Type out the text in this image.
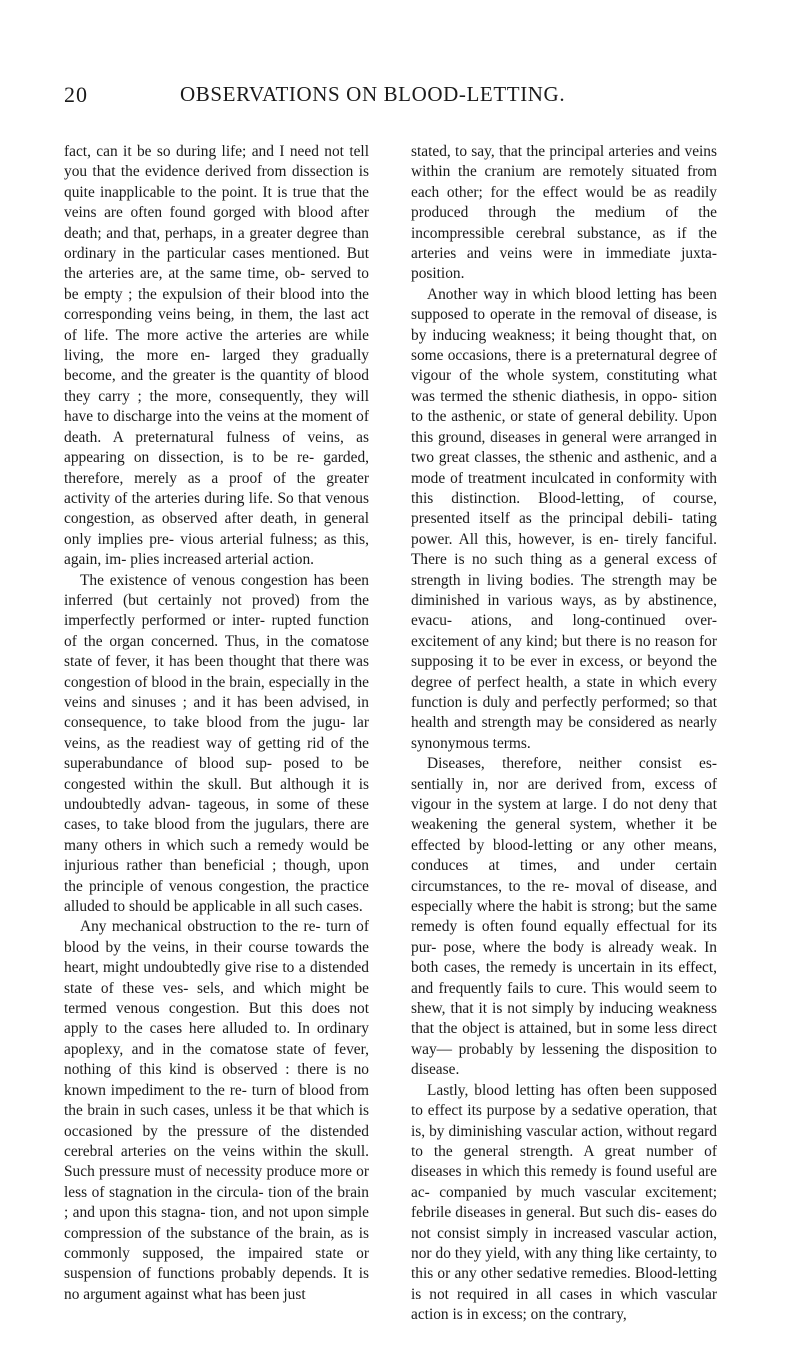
20	OBSERVATIONS ON BLOOD-LETTING.

fact, can it be so during life; and I need not tell you that the evidence derived from dissection is quite inapplicable to the point. It is true that the veins are often found gorged with blood after death; and that, perhaps, in a greater degree than ordinary in the particular cases mentioned. But the arteries are, at the same time, ob- served to be empty ; the expulsion of their blood into the corresponding veins being, in them, the last act of life. The more active the arteries are while living, the more en- larged they gradually become, and the greater is the quantity of blood they carry ; the more, consequently, they will have to discharge into the veins at the moment of death. A preternatural fulness of veins, as appearing on dissection, is to be re- garded, therefore, merely as a proof of the greater activity of the arteries during life. So that venous congestion, as observed after death, in general only implies pre- vious arterial fulness; as this, again, im- plies increased arterial action.

The existence of venous congestion has been inferred (but certainly not proved) from the imperfectly performed or inter- rupted function of the organ concerned. Thus, in the comatose state of fever, it has been thought that there was congestion of blood in the brain, especially in the veins and sinuses ; and it has been advised, in consequence, to take blood from the jugu- lar veins, as the readiest way of getting rid of the superabundance of blood sup- posed to be congested within the skull. But although it is undoubtedly advan- tageous, in some of these cases, to take blood from the jugulars, there are many others in which such a remedy would be injurious rather than beneficial ; though, upon the principle of venous congestion, the practice alluded to should be applicable in all such cases.

Any mechanical obstruction to the re- turn of blood by the veins, in their course towards the heart, might undoubtedly give rise to a distended state of these ves- sels, and which might be termed venous congestion. But this does not apply to the cases here alluded to. In ordinary apoplexy, and in the comatose state of fever, nothing of this kind is observed : there is no known impediment to the re- turn of blood from the brain in such cases, unless it be that which is occasioned by the pressure of the distended cerebral arteries on the veins within the skull. Such pressure must of necessity produce more or less of stagnation in the circula- tion of the brain ; and upon this stagna- tion, and not upon simple compression of the substance of the brain, as is commonly supposed, the impaired state or suspension of functions probably depends. It is no argument against what has been just

stated, to say, that the principal arteries and veins within the cranium are remotely situated from each other; for the effect would be as readily produced through the medium of the incompressible cerebral substance, as if the arteries and veins were in immediate juxta-position.

Another way in which blood letting has been supposed to operate in the removal of disease, is by inducing weakness; it being thought that, on some occasions, there is a preternatural degree of vigour of the whole system, constituting what was termed the sthenic diathesis, in oppo- sition to the asthenic, or state of general debility. Upon this ground, diseases in general were arranged in two great classes, the sthenic and asthenic, and a mode of treatment inculcated in conformity with this distinction. Blood-letting, of course, presented itself as the principal debili- tating power. All this, however, is en- tirely fanciful. There is no such thing as a general excess of strength in living bodies. The strength may be diminished in various ways, as by abstinence, evacu- ations, and long-continued over-excitement of any kind; but there is no reason for supposing it to be ever in excess, or beyond the degree of perfect health, a state in which every function is duly and perfectly performed; so that health and strength may be considered as nearly synonymous terms.

Diseases, therefore, neither consist es- sentially in, nor are derived from, excess of vigour in the system at large. I do not deny that weakening the general system, whether it be effected by blood-letting or any other means, conduces at times, and under certain circumstances, to the re- moval of disease, and especially where the habit is strong; but the same remedy is often found equally effectual for its pur- pose, where the body is already weak. In both cases, the remedy is uncertain in its effect, and frequently fails to cure. This would seem to shew, that it is not simply by inducing weakness that the object is attained, but in some less direct way— probably by lessening the disposition to disease.

Lastly, blood letting has often been supposed to effect its purpose by a sedative operation, that is, by diminishing vascular action, without regard to the general strength. A great number of diseases in which this remedy is found useful are ac- companied by much vascular excitement; febrile diseases in general. But such dis- eases do not consist simply in increased vascular action, nor do they yield, with any thing like certainty, to this or any other sedative remedies. Blood-letting is not required in all cases in which vascular action is in excess; on the contrary,
